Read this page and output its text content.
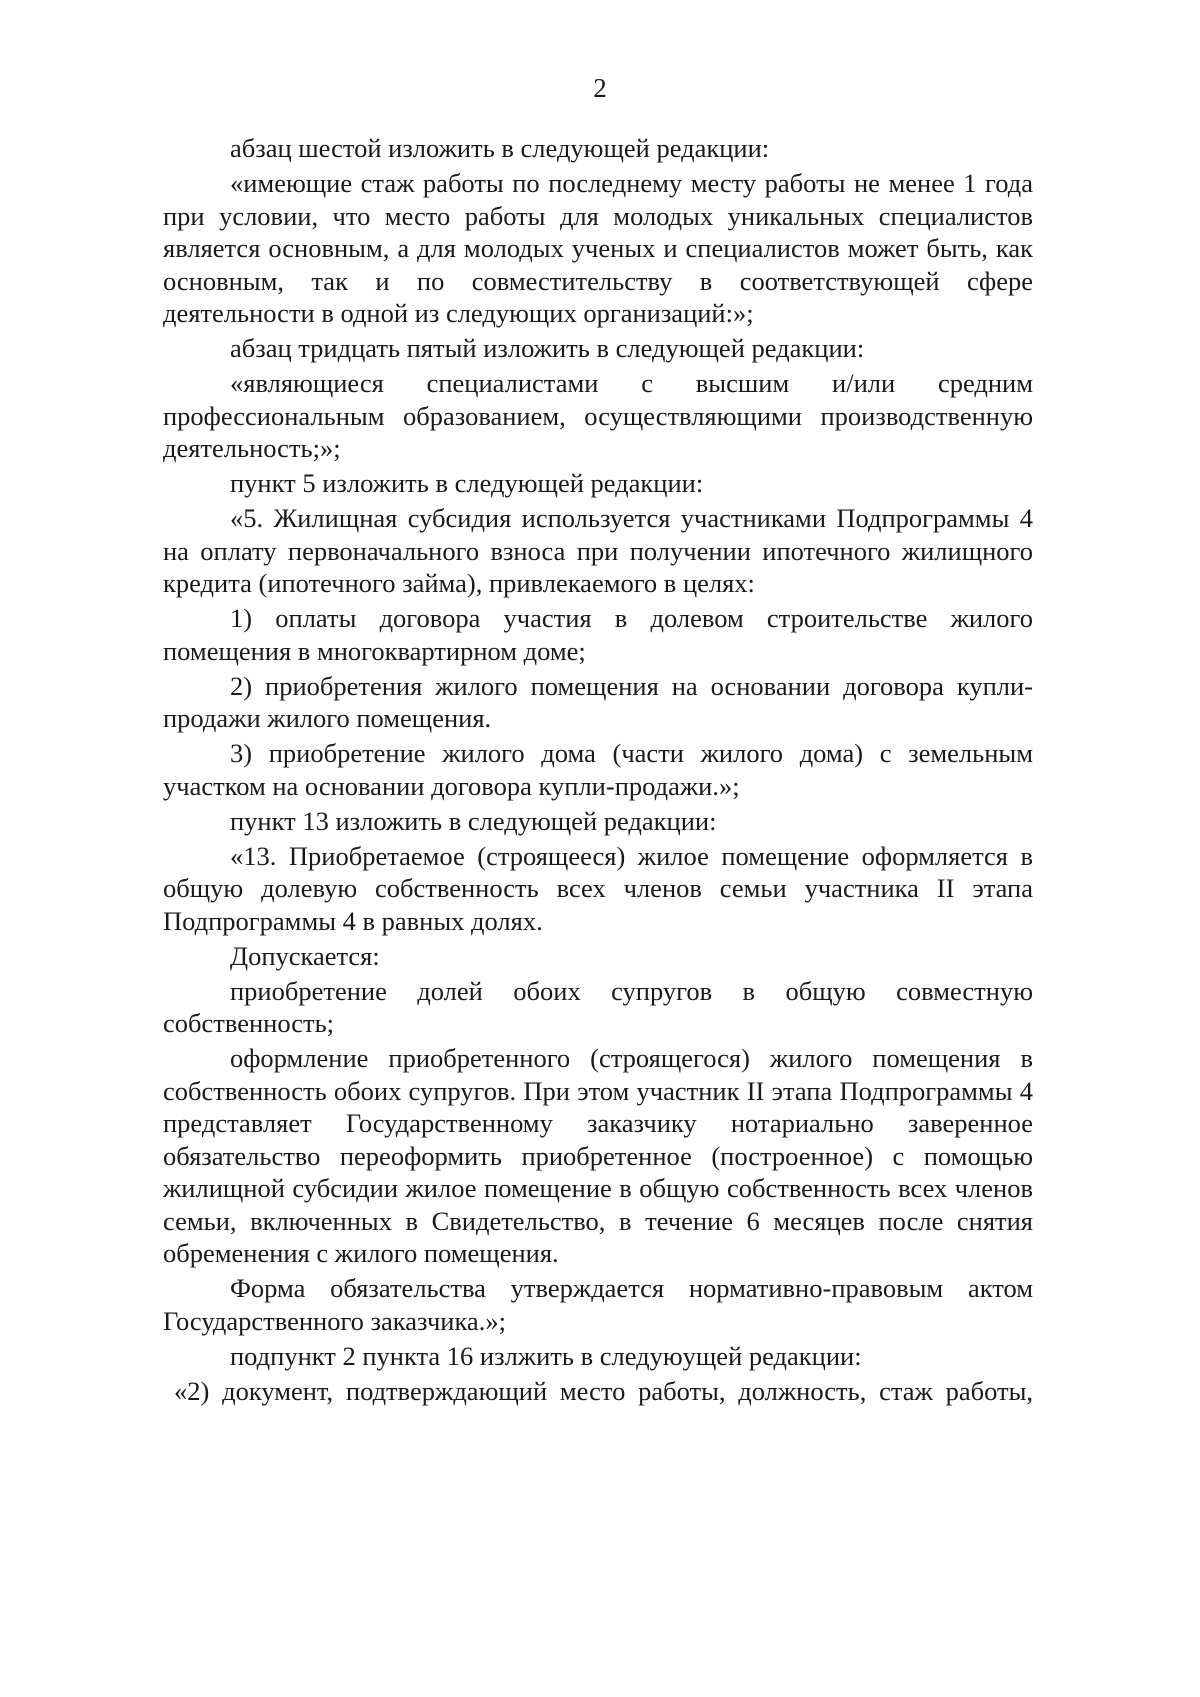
2

абзац шестой изложить в следующей редакции:

«имеющие стаж работы по последнему месту работы не менее 1 года при условии, что место работы для молодых уникальных специалистов является основным, а для молодых ученых и специалистов может быть, как основным, так и по совместительству в соответствующей сфере деятельности в одной из следующих организаций:»;

абзац тридцать пятый изложить в следующей редакции:

«являющиеся специалистами с высшим и/или средним профессиональным образованием, осуществляющими производственную деятельность;»;

пункт 5 изложить в следующей редакции:

«5. Жилищная субсидия используется участниками Подпрограммы 4 на оплату первоначального взноса при получении ипотечного жилищного кредита (ипотечного займа), привлекаемого в целях:

1) оплаты договора участия в долевом строительстве жилого помещения в многоквартирном доме;

2) приобретения жилого помещения на основании договора купли-продажи жилого помещения.

3) приобретение жилого дома (части жилого дома) с земельным участком на основании договора купли-продажи.»;

пункт 13 изложить в следующей редакции:

«13. Приобретаемое (строящееся) жилое помещение оформляется в общую долевую собственность всех членов семьи участника II этапа Подпрограммы 4 в равных долях.

Допускается:

приобретение долей обоих супругов в общую совместную собственность;

оформление приобретенного (строящегося) жилого помещения в собственность обоих супругов. При этом участник II этапа Подпрограммы 4 представляет Государственному заказчику нотариально заверенное обязательство переоформить приобретенное (построенное) с помощью жилищной субсидии жилое помещение в общую собственность всех членов семьи, включенных в Свидетельство, в течение 6 месяцев после снятия обременения с жилого помещения.

Форма обязательства утверждается нормативно-правовым актом Государственного заказчика.»;

подпункт 2 пункта 16 излжить в следуюущей редакции:

«2) документ, подтверждающий место работы, должность, стаж работы,
